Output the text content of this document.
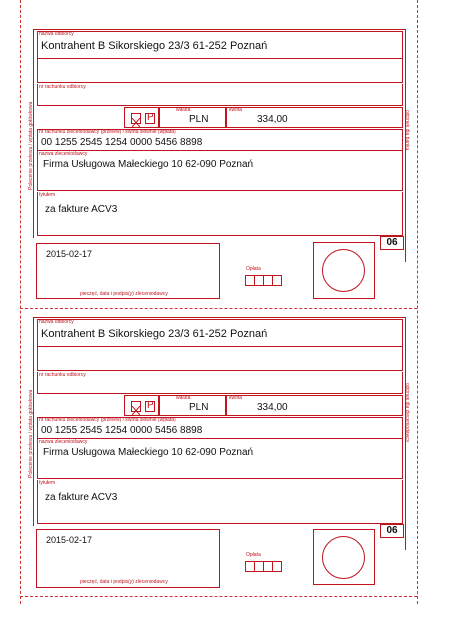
Polecenie przelewu / wpłata gotówkowa	odcinek dla banku
nazwa odbiorcy
Kontrahent B Sikorskiego 23/3 61-252 Poznań
nr rachunku odbiorcy
P
waluta
PLN
kwota
334,00
nr rachunku zleceniodawcy (przelew) / kwota słownie (wpłata)
00 1255 2545 1254 0000 5456 8898
nazwa zleceniodawcy
Firma Usługowa Małeckiego 10 62-090 Poznań
tytułem
za fakture ACV3
2015-02-17
pieczęć, data i podpis(y) zleceniodawcy
Opłata
06
Polecenie przelewu / wpłata gotówkowa	odcinek dla zleceniodawcy
nazwa odbiorcy
Kontrahent B Sikorskiego 23/3 61-252 Poznań
nr rachunku odbiorcy
P
waluta
PLN
kwota
334,00
nr rachunku zleceniodawcy (przelew) / kwota słownie (wpłata)
00 1255 2545 1254 0000 5456 8898
nazwa zleceniodawcy
Firma Usługowa Małeckiego 10 62-090 Poznań
tytułem
za fakture ACV3
2015-02-17
pieczęć, data i podpis(y) zleceniodawcy
Opłata
06
